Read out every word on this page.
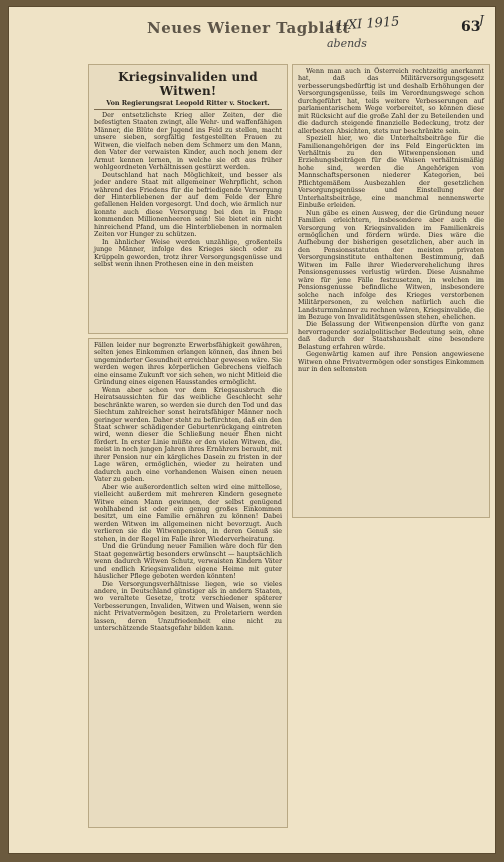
Neues Wiener Tagblatt
11/XI 1915
abends
63
J
Kriegsinvaliden und Witwen!
Von Regierungsrat Leopold Ritter v. Stockert.

Der entsetzlichste Krieg aller Zeiten, der die befestigten Staaten zwingt, alle Wehr- und waffenfähigen Männer, die Blüte der Jugend ins Feld zu stellen, macht unsere sieben, sorgfältig festgestellten Frauen zu Witwen, die vielfach neben dem Schmerz um den Mann, den Vater der verwaisten Kinder, auch noch jenem der Armut kennen lernen, in welche sie oft aus früher wohlgeordneten Verhältnissen gestürzt werden.

Deutschland hat nach Möglichkeit, und besser als jeder andere Staat mit allgemeiner Wehrpflicht, schon während des Friedens für die befriedigende Versorgung der Hinterbliebenen der auf dem Felde der Ehre gefallenen Helden vorgesorgt. Und doch, wie ärmlich nur konnte auch diese Versorgung bei den in Frage kommenden Millionenheeren sein! Sie bietet ein nicht hinreichend Pfand, um die Hinterbliebenen in normalen Zeiten vor Hunger zu schützen.

In ähnlicher Weise werden unzählige, großenteils junge Männer, infolge des Krieges siech oder zu Krüppeln geworden, trotz ihrer Versorgungsgenüsse und selbst wenn ihnen Prothesen eine in den meisten

Fällen leider nur begrenzte Erwerbsfähigkeit gewähren, selten jenes Einkommen erlangen können, das ihnen bei ungeminderter Gesundheit erreichbar gewesen wäre. Sie werden wegen ihres körperlichen Gebrechens vielfach eine einsame Zukunft vor sich sehen, wo nicht Mitleid die Gründung eines eigenen Hausstandes ermöglicht.

Wenn aber schon vor dem Kriegsausbruch die Heiratsaussichten für das weibliche Geschlecht sehr beschränkte waren, so werden sie durch den Tod und das Siechtum zahlreicher sonst heiratsfähiger Männer noch geringer werden. Daher steht zu befürchten, daß ein den Staat schwer schädigender Geburtenrückgang eintreten wird, wenn dieser die Schließung neuer Ehen nicht fördert. In erster Linie müßte er den vielen Witwen, die, meist in noch jungen Jahren ihres Ernährers beraubt, mit ihrer Pension nur ein kärgliches Dasein zu fristen in der Lage wären, ermöglichen, wieder zu heiraten und dadurch auch eine vorhandenen Waisen einen neuen Vater zu geben.

Aber wie außerordentlich selten wird eine mittellose, vielleicht außerdem mit mehreren Kindern gesegnete Witwe einen Mann gewinnen, der selbst genügend wohlhabend ist oder ein genug großes Einkommen besitzt, um eine Familie ernähren zu können! Dabei werden Witwen im allgemeinen nicht bevorzugt. Auch verlieren sie die Witwenpension, in deren Genuß sie stehen, in der Regel im Falle ihrer Wiederverheiratung.

Und die Gründung neuer Familien wäre doch für den Staat gegenwärtig besonders erwünscht — hauptsächlich wenn dadurch Witwen Schutz, verwaisten Kindern Väter und endlich Kriegsinvaliden eigene Heime mit guter häuslicher Pflege geboten werden könnten!

Die Versorgungsverhältnisse liegen, wie so vieles andere, in Deutschland günstiger als in andern Staaten, wo veraltete Gesetze, trotz verschiedener späterer Verbesserungen, Invaliden, Witwen und Waisen, wenn sie nicht Privatvermögen besitzen, zu Proletariern werden lassen, deren Unzufriedenheit eine nicht zu unterschätzende Staatsgefahr bilden kann.

Wenn man auch in Österreich rechtzeitig anerkannt hat, daß das Militärversorgungsgesetz verbesserungsbedürftig ist und deshalb Erhöhungen der Versorgungsgenüsse, teils im Verordnungswege schon durchgeführt hat, teils weitere Verbesserungen auf parlamentarischem Wege vorbereitet, so können diese mit Rücksicht auf die große Zahl der zu Beteilenden und die dadurch steigende finanzielle Bedeckung, trotz der allerbesten Absichten, stets nur beschränkte sein.

Speziell hier, wo die Unterhaltsbeiträge für die Familienangehörigen der ins Feld Eingerückten im Verhältnis zu den Witwenpensionen und Erziehungsbeiträgen für die Waisen verhältnismäßig hohe sind, werden die Angehörigen von Mannschaftspersonen niederer Kategorien, bei Pflichtgemäßem Ausbezahlen der gesetzlichen Versorgungsgenüsse und Einstellung der Unterhaltsbeiträge, eine manchmal nennenswerte Einbuße erleiden.

Nun gäbe es einen Ausweg, der die Gründung neuer Familien erleichtern, insbesondere aber auch die Versorgung von Kriegsinvaliden im Familienkreis ermöglichen und fördern würde. Dies wäre die Aufhebung der bisherigen gesetzlichen, aber auch in den Pensionsstatuten der meisten privaten Versorgungsinstitute enthaltenen Bestimmung, daß Witwen im Falle ihrer Wiederverehelichung ihres Pensionsgenusses verlustig würden. Diese Ausnahme wäre für jene Fälle festzusetzen, in welchen im Pensionsgenusse befindliche Witwen, insbesondere solche nach infolge des Krieges verstorbenen Militärpersonen, zu welchen natürlich auch die Landsturmmänner zu rechnen wären, Kriegsinvalide, die im Bezuge von Invaliditätsgenüssen stehen, ehelichen.

Die Belassung der Witwenpension dürfte von ganz hervorragender sozialpolitischer Bedeutung sein, ohne daß dadurch der Staatshaushalt eine besondere Belastung erfahren würde.

Gegenwärtig kamen auf ihre Pension angewiesene Witwen ohne Privatvermögen oder sonstiges Einkommen nur in den seltensten
